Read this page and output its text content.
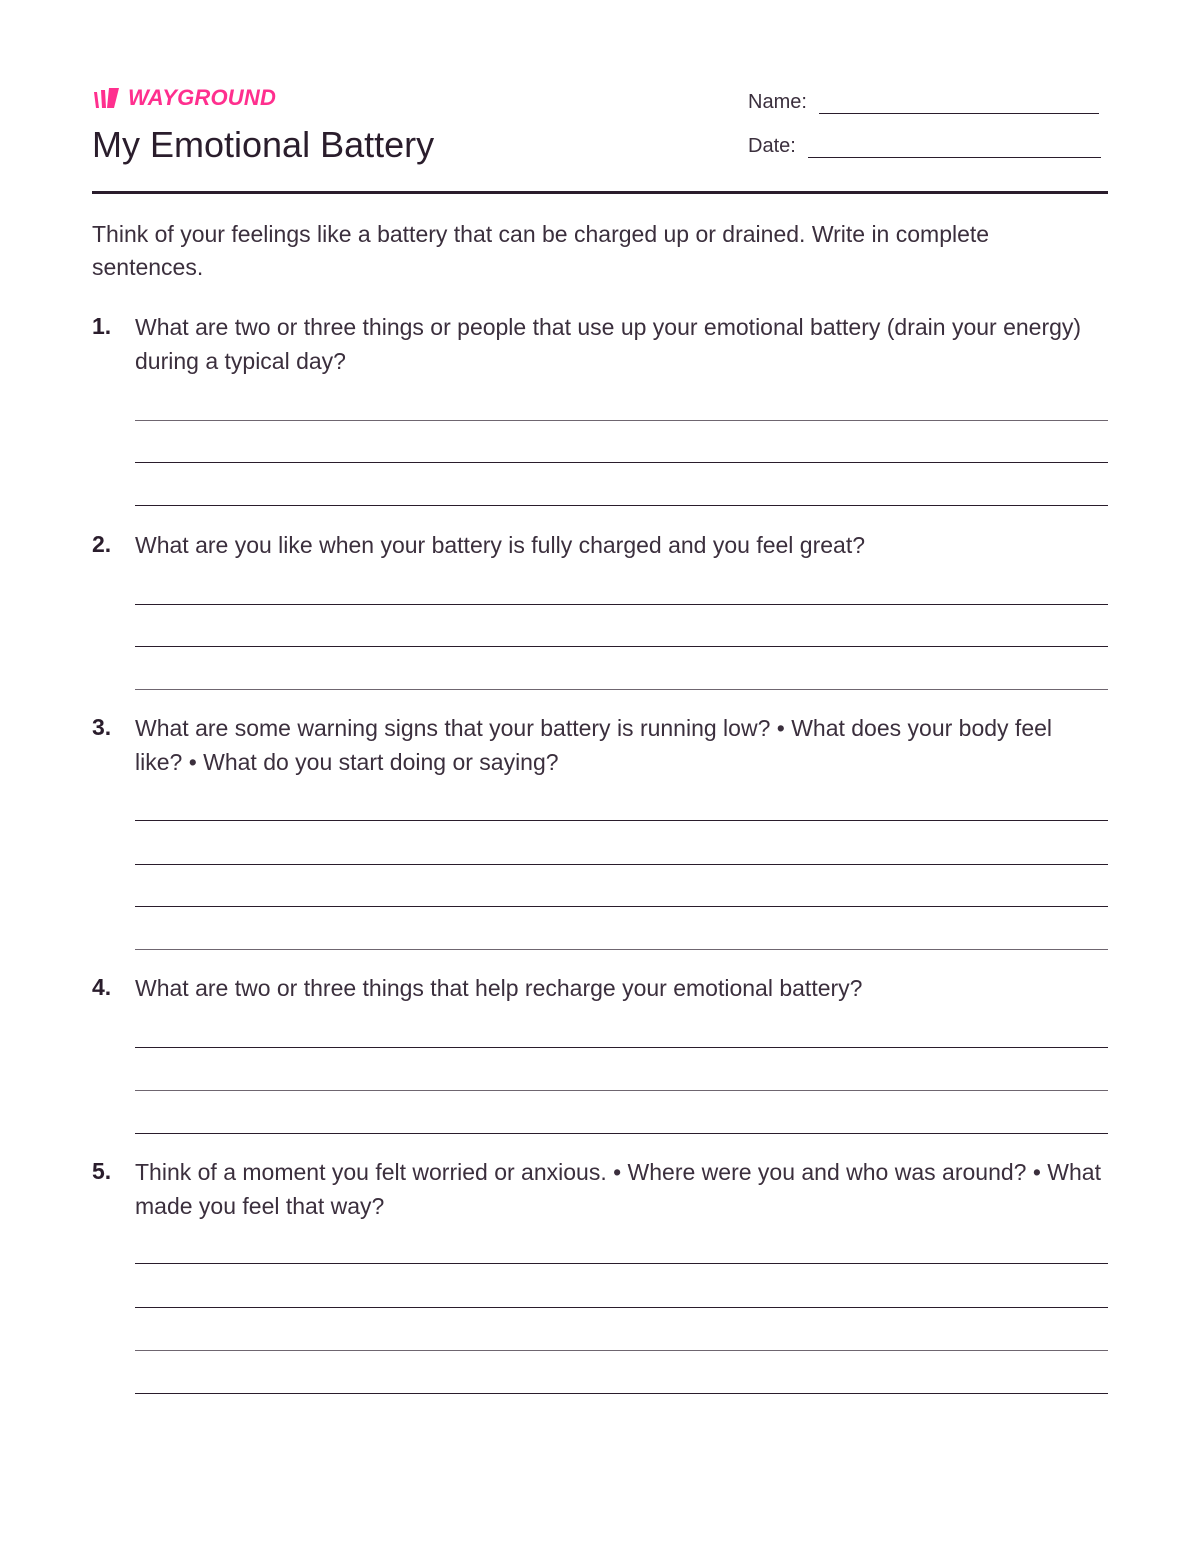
WAYGROUND
My Emotional Battery
Name:
Date:

Think of your feelings like a battery that can be charged up or drained. Write in complete sentences.

1. What are two or three things or people that use up your emotional battery (drain your energy) during a typical day?

2. What are you like when your battery is fully charged and you feel great?

3. What are some warning signs that your battery is running low? • What does your body feel like? • What do you start doing or saying?

4. What are two or three things that help recharge your emotional battery?

5. Think of a moment you felt worried or anxious. • Where were you and who was around? • What made you feel that way?
